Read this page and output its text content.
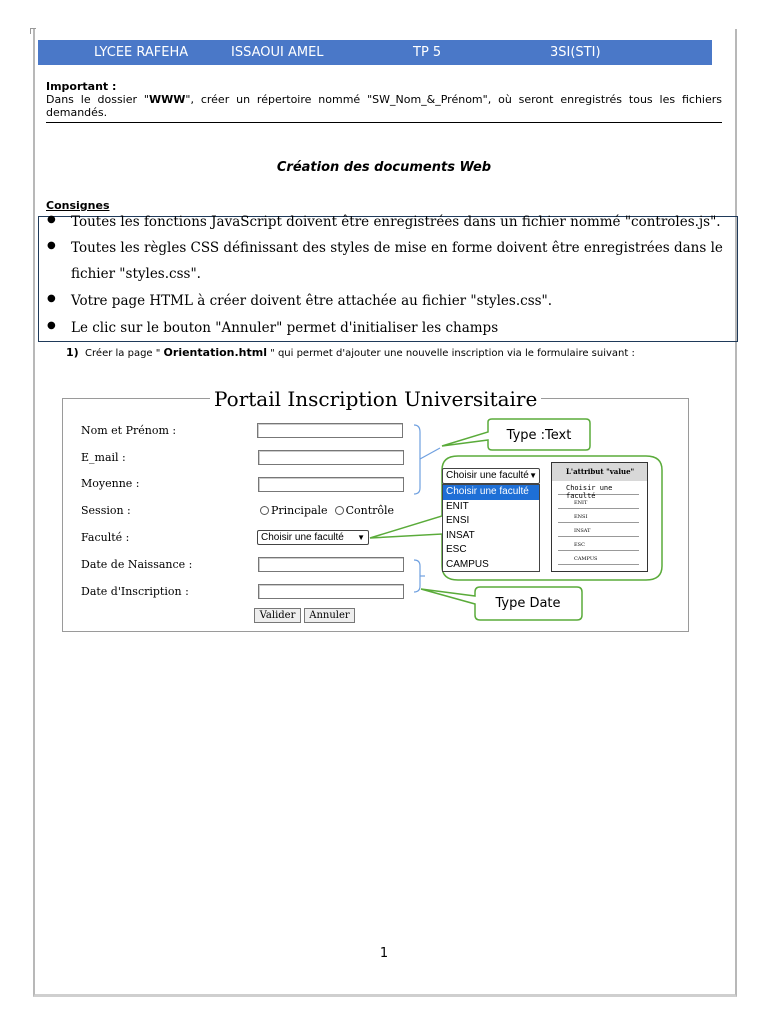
LYCEE RAFEHA	ISSAOUI AMEL	TP 5	3SI(STI)
Important :
Dans le dossier "WWW", créer un répertoire nommé "SW_Nom_&_Prénom", où seront enregistrés tous les fichiers demandés.
Création des documents Web
Consignes
● Toutes les fonctions JavaScript doivent être enregistrées dans un fichier nommé "controles.js".
● Toutes les règles CSS définissant des styles de mise en forme doivent être enregistrées dans le
fichier "styles.css".
● Votre page HTML à créer doivent être attachée au fichier "styles.css".
● Le clic sur le bouton "Annuler" permet d'initialiser les champs
1) Créer la page " Orientation.html " qui permet d'ajouter une nouvelle inscription via le formulaire suivant :
Portail Inscription Universitaire
Nom et Prénom :
E_mail :
Moyenne :
Session :	Principale Contrôle
Faculté :	Choisir une faculté ▼
Date de Naissance :
Date d'Inscription :
Valider	Annuler
Type :Text
Choisir une faculté ▼
Choisir une faculté
ENIT
ENSI
INSAT
ESC
CAMPUS
L'attribut "value"
Choisir une faculté
ENIT
ENSI
INSAT
ESC
CAMPUS
Type Date
1
